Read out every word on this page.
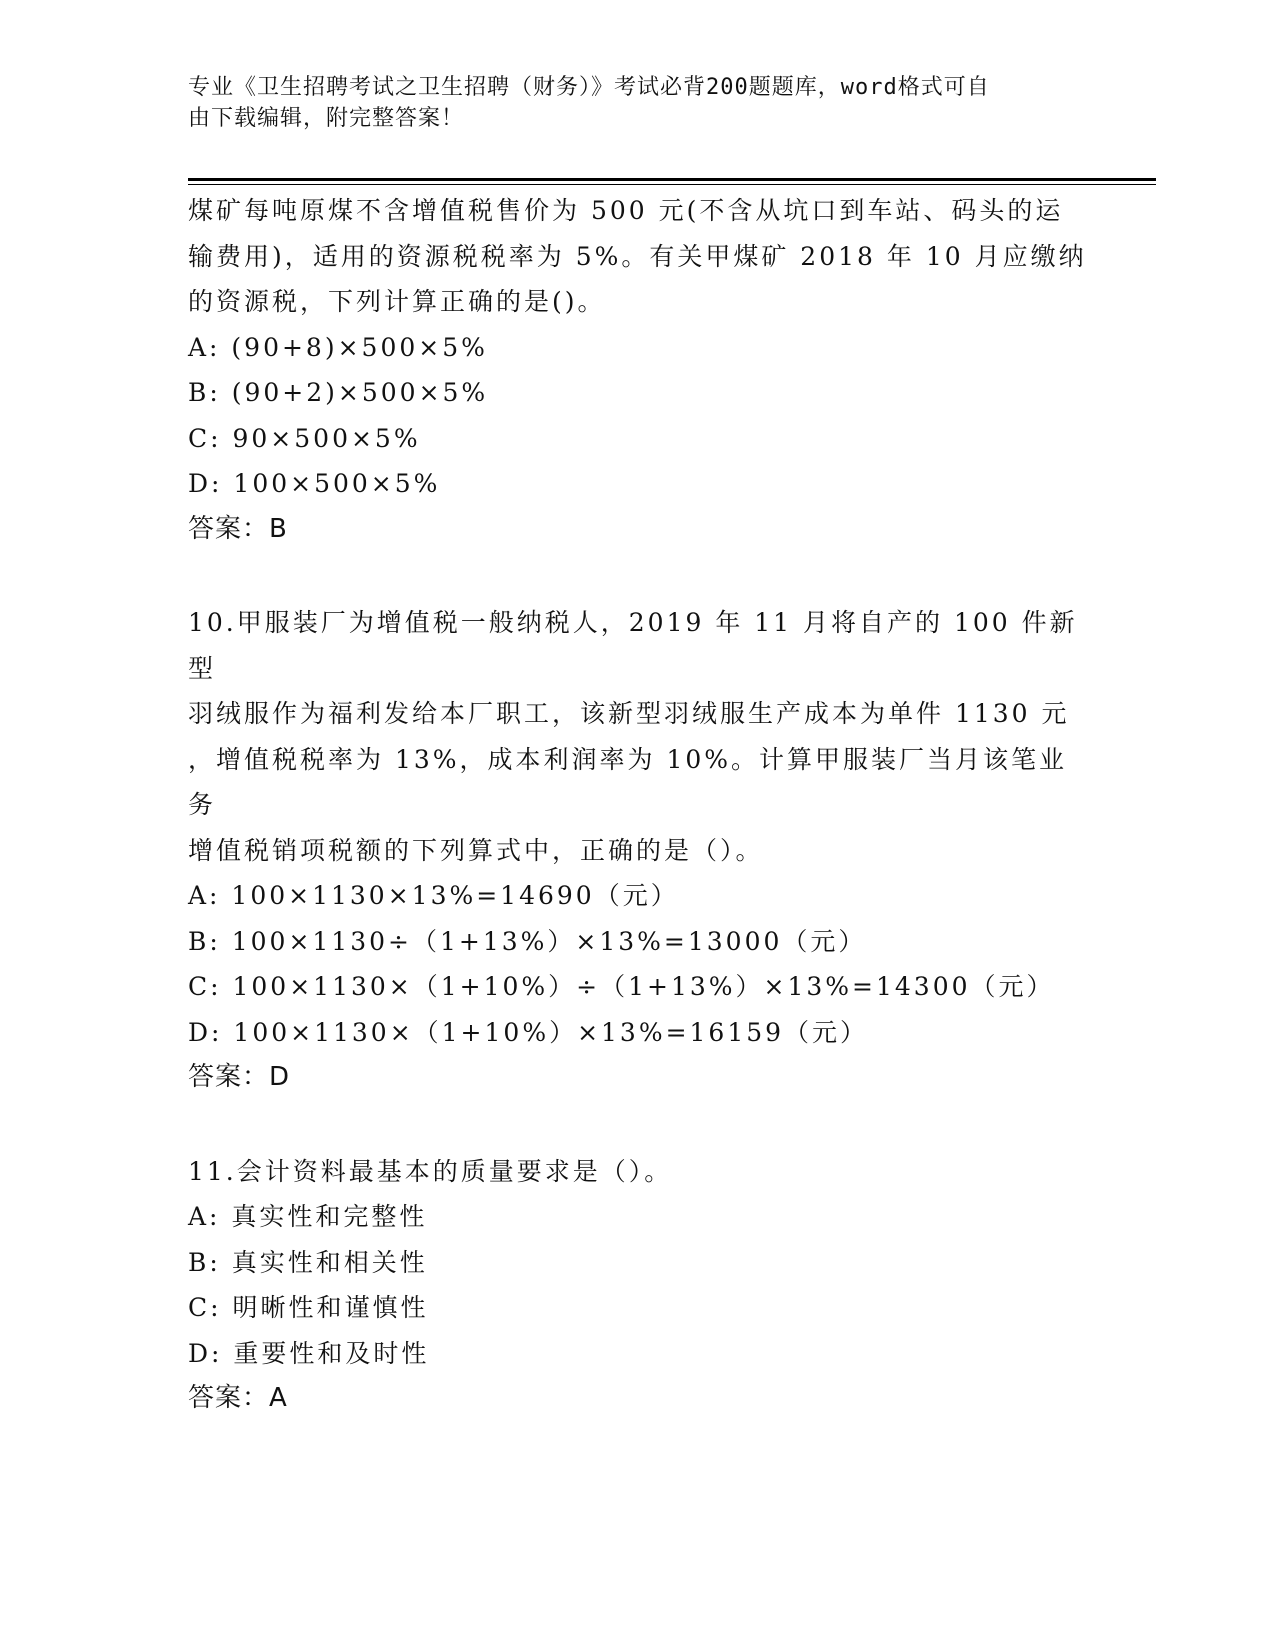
专业《卫生招聘考试之卫生招聘（财务）》考试必背200题题库，word格式可自
由下载编辑，附完整答案！

煤矿每吨原煤不含增值税售价为 500 元(不含从坑口到车站、码头的运

输费用)，适用的资源税税率为 5%。有关甲煤矿 2018 年 10 月应缴纳

的资源税，下列计算正确的是()。

A: (90+8)×500×5%

B: (90+2)×500×5%

C: 90×500×5%

D: 100×500×5%

答案：B

10.甲服装厂为增值税一般纳税人，2019 年 11 月将自产的 100 件新型

羽绒服作为福利发给本厂职工，该新型羽绒服生产成本为单件 1130 元

，增值税税率为 13%，成本利润率为 10%。计算甲服装厂当月该笔业务

增值税销项税额的下列算式中，正确的是（）。

A: 100×1130×13%=14690（元）

B: 100×1130÷（1+13%）×13%=13000（元）

C: 100×1130×（1+10%）÷（1+13%）×13%=14300（元）

D: 100×1130×（1+10%）×13%=16159（元）

答案：D

11.会计资料最基本的质量要求是（）。

A: 真实性和完整性

B: 真实性和相关性

C: 明晰性和谨慎性

D: 重要性和及时性

答案：A
